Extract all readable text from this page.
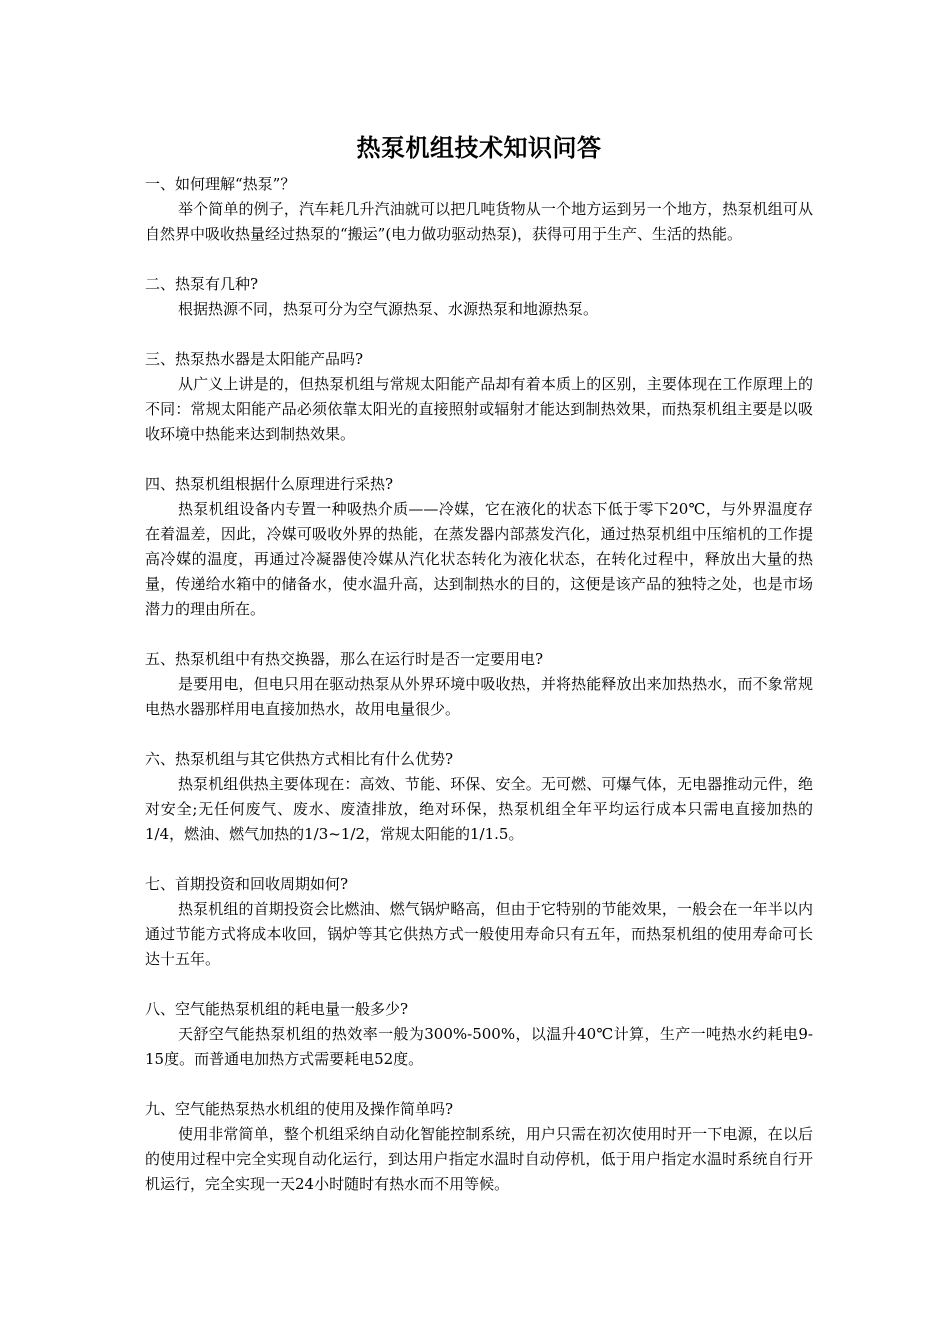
热泵机组技术知识问答

一、如何理解“热泵”？

举个简单的例子，汽车耗几升汽油就可以把几吨货物从一个地方运到另一个地方，热泵机组可从自然界中吸收热量经过热泵的“搬运”(电力做功驱动热泵)，获得可用于生产、生活的热能。

二、热泵有几种?

根据热源不同，热泵可分为空气源热泵、水源热泵和地源热泵。

三、热泵热水器是太阳能产品吗?

从广义上讲是的，但热泵机组与常规太阳能产品却有着本质上的区别，主要体现在工作原理上的不同：常规太阳能产品必须依靠太阳光的直接照射或辐射才能达到制热效果，而热泵机组主要是以吸收环境中热能来达到制热效果。

四、热泵机组根据什么原理进行采热?

热泵机组设备内专置一种吸热介质——冷媒，它在液化的状态下低于零下20℃，与外界温度存在着温差，因此，冷媒可吸收外界的热能，在蒸发器内部蒸发汽化，通过热泵机组中压缩机的工作提高冷媒的温度，再通过冷凝器使冷媒从汽化状态转化为液化状态，在转化过程中，释放出大量的热量，传递给水箱中的储备水，使水温升高，达到制热水的目的，这便是该产品的独特之处，也是市场潜力的理由所在。

五、热泵机组中有热交换器，那么在运行时是否一定要用电?

是要用电，但电只用在驱动热泵从外界环境中吸收热，并将热能释放出来加热热水，而不象常规电热水器那样用电直接加热水，故用电量很少。

六、热泵机组与其它供热方式相比有什么优势?

热泵机组供热主要体现在：高效、节能、环保、安全。无可燃、可爆气体，无电器推动元件，绝对安全;无任何废气、废水、废渣排放，绝对环保，热泵机组全年平均运行成本只需电直接加热的1/4，燃油、燃气加热的1/3~1/2，常规太阳能的1/1.5。

七、首期投资和回收周期如何?

热泵机组的首期投资会比燃油、燃气锅炉略高，但由于它特别的节能效果，一般会在一年半以内通过节能方式将成本收回，锅炉等其它供热方式一般使用寿命只有五年，而热泵机组的使用寿命可长达十五年。

八、空气能热泵机组的耗电量一般多少?

天舒空气能热泵机组的热效率一般为300%-500%，以温升40℃计算，生产一吨热水约耗电9-15度。而普通电加热方式需要耗电52度。

九、空气能热泵热水机组的使用及操作简单吗?

使用非常简单，整个机组采纳自动化智能控制系统，用户只需在初次使用时开一下电源，在以后的使用过程中完全实现自动化运行，到达用户指定水温时自动停机，低于用户指定水温时系统自行开机运行，完全实现一天24小时随时有热水而不用等候。
